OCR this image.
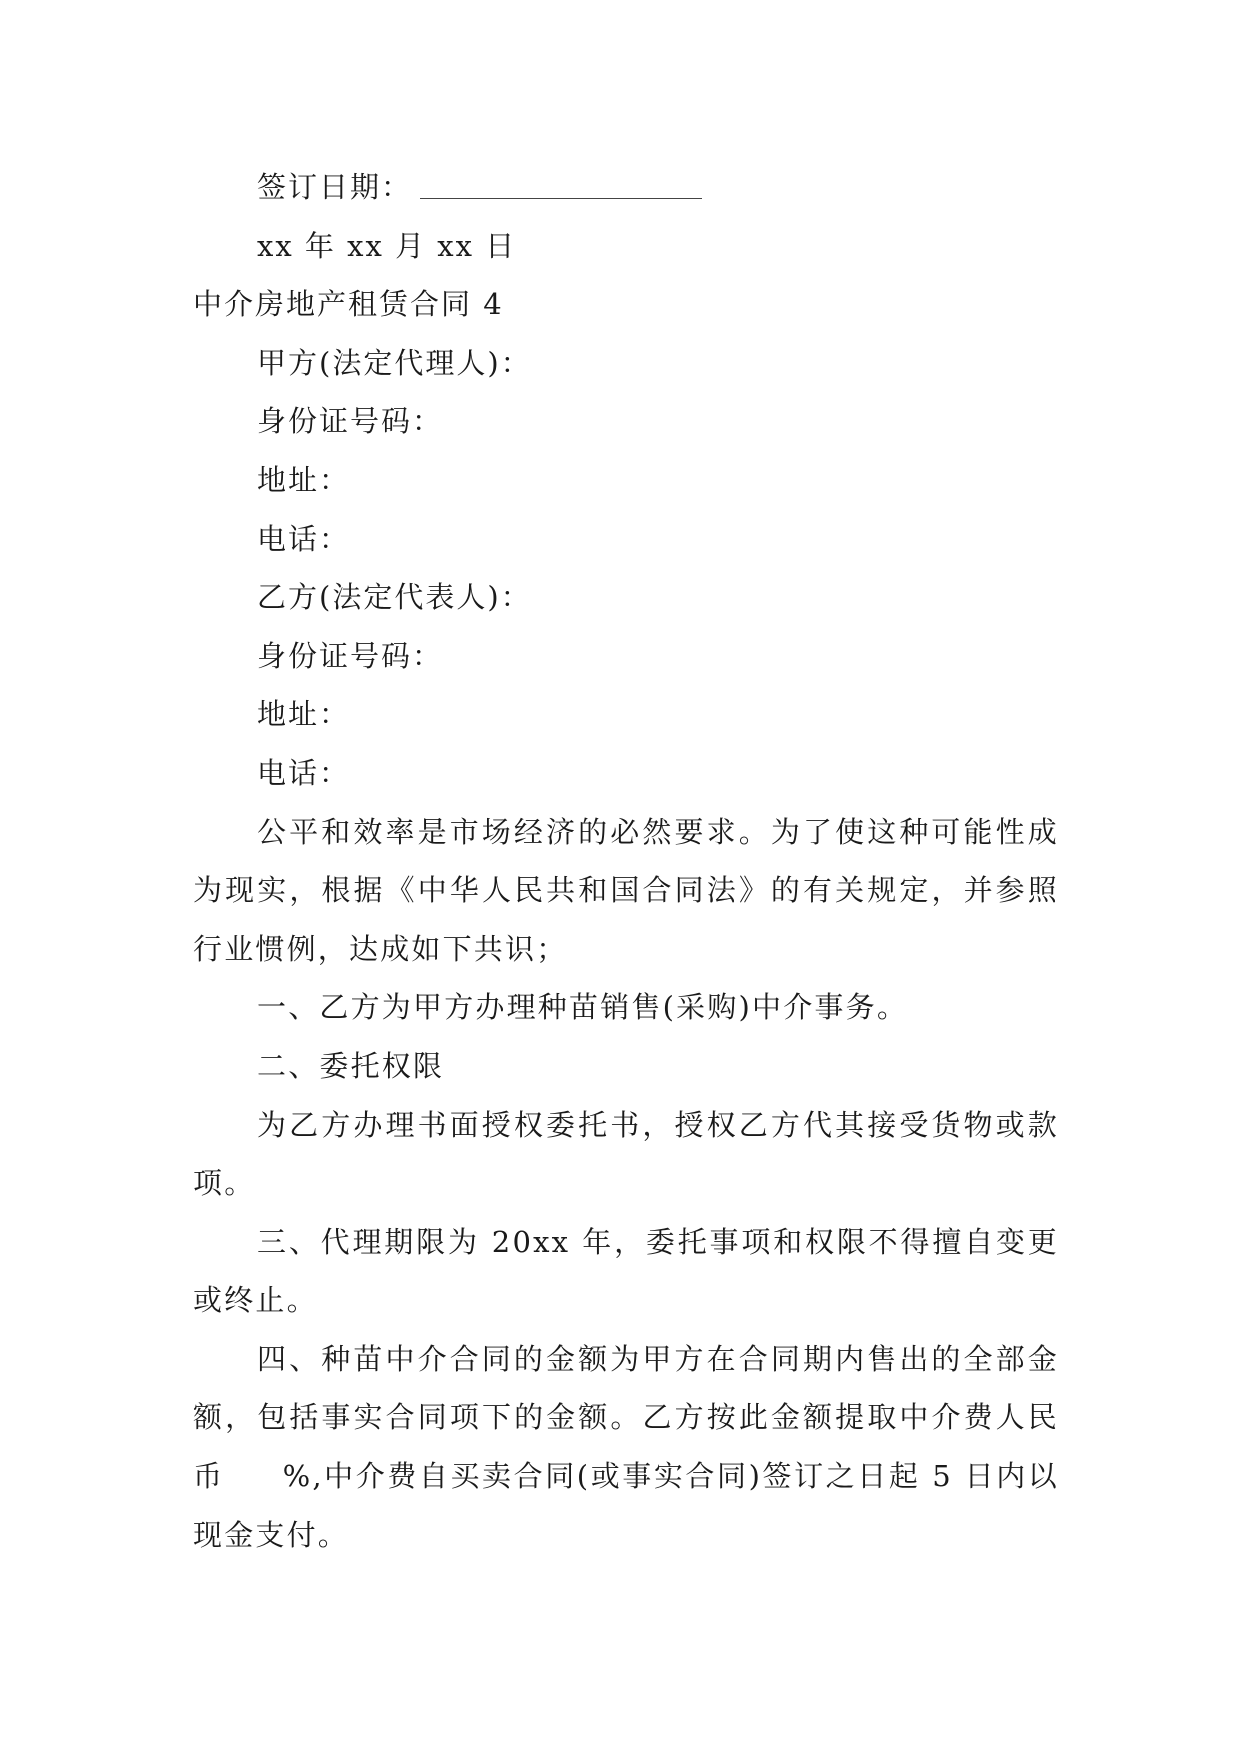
签订日期：
xx 年 xx 月 xx 日
中介房地产租赁合同 4
甲方(法定代理人)：
身份证号码：
地址：
电话：
乙方(法定代表人)：
身份证号码：
地址：
电话：

公平和效率是市场经济的必然要求。为了使这种可能性成为现实，根据《中华人民共和国合同法》的有关规定，并参照行业惯例，达成如下共识；

一、乙方为甲方办理种苗销售(采购)中介事务。

二、委托权限

为乙方办理书面授权委托书，授权乙方代其接受货物或款项。

三、代理期限为 20xx 年，委托事项和权限不得擅自变更或终止。

四、种苗中介合同的金额为甲方在合同期内售出的全部金额，包括事实合同项下的金额。乙方按此金额提取中介费人民币 %,中介费自买卖合同(或事实合同)签订之日起 5 日内以现金支付。
